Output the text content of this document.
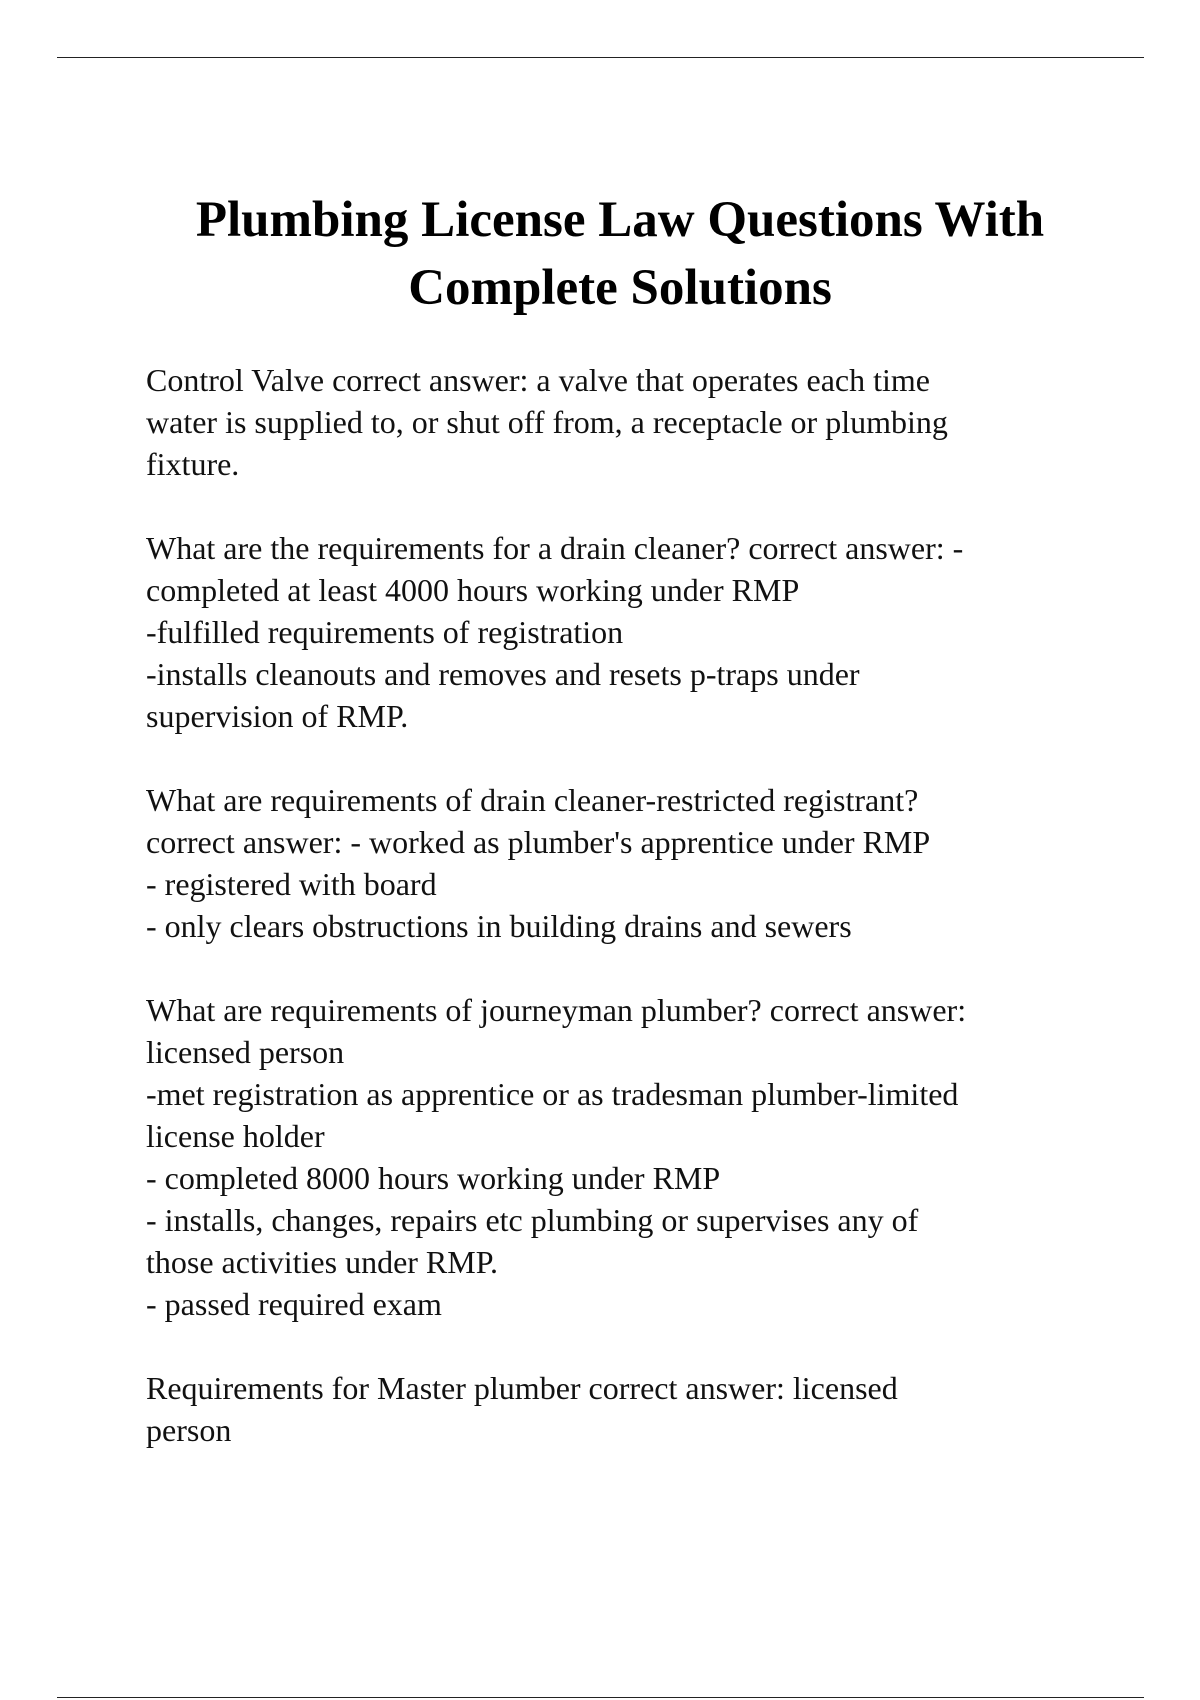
Plumbing License Law Questions With
Complete Solutions

Control Valve correct answer: a valve that operates each time
water is supplied to, or shut off from, a receptacle or plumbing
fixture.

What are the requirements for a drain cleaner? correct answer: -
completed at least 4000 hours working under RMP
-fulfilled requirements of registration
-installs cleanouts and removes and resets p-traps under
supervision of RMP.

What are requirements of drain cleaner-restricted registrant?
correct answer: - worked as plumber's apprentice under RMP
- registered with board
- only clears obstructions in building drains and sewers

What are requirements of journeyman plumber? correct answer:
licensed person
-met registration as apprentice or as tradesman plumber-limited
license holder
- completed 8000 hours working under RMP
- installs, changes, repairs etc plumbing or supervises any of
those activities under RMP.
- passed required exam

Requirements for Master plumber correct answer: licensed
person
